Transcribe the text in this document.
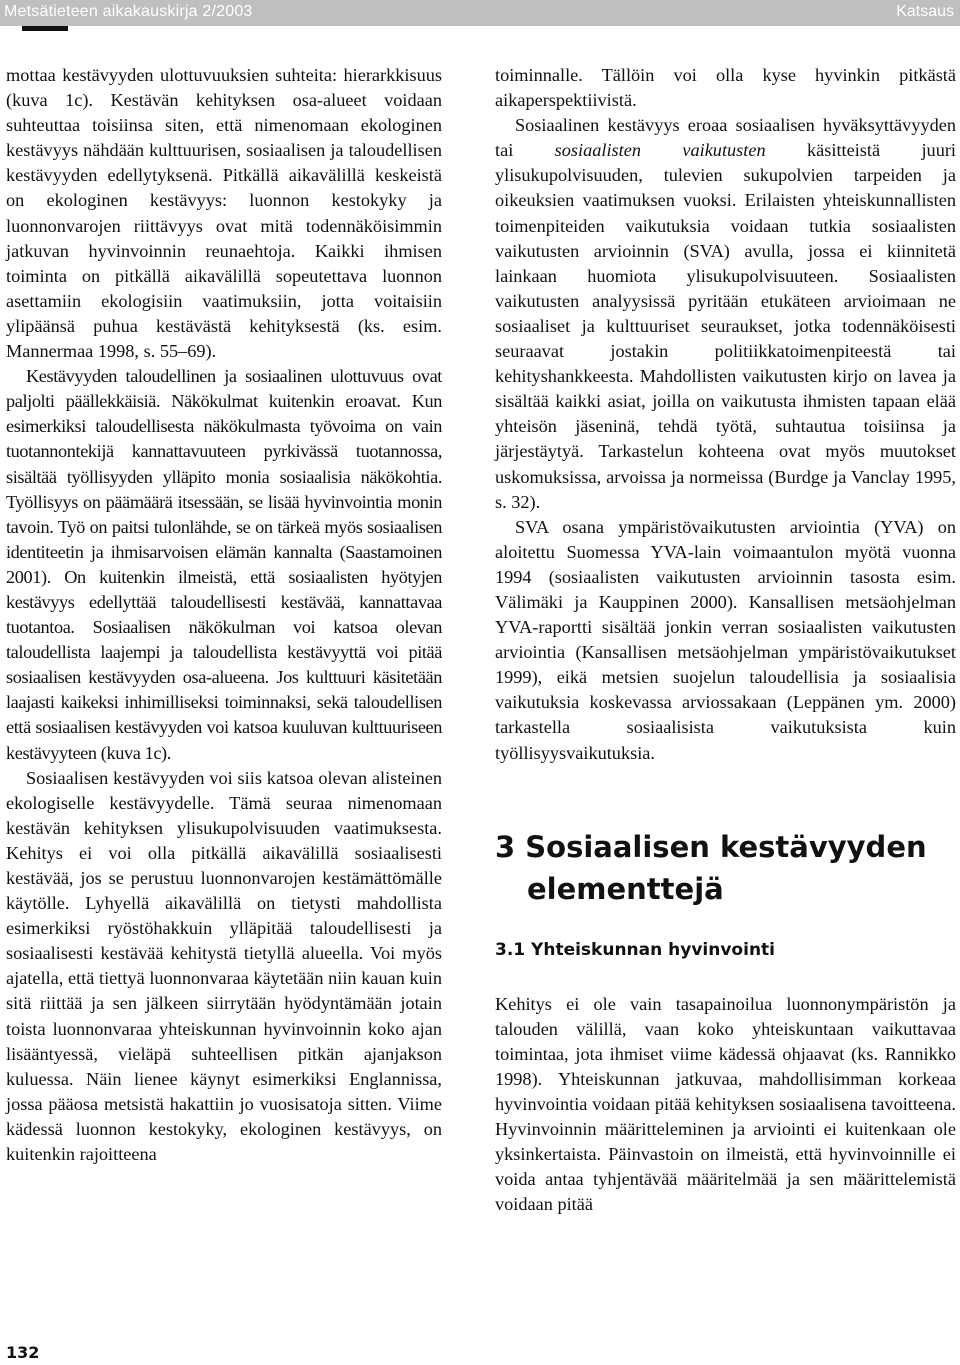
Metsätieteen aikakauskirja 2/2003	Katsaus

mottaa kestävyyden ulottuvuuksien suhteita: hierarkkisuus (kuva 1c). Kestävän kehityksen osa-alueet voidaan suhteuttaa toisiinsa siten, että nimenomaan ekologinen kestävyys nähdään kulttuurisen, sosiaalisen ja taloudellisen kestävyyden edellytyksenä. Pitkällä aikavälillä keskeistä on ekologinen kestävyys: luonnon kestokyky ja luonnonvarojen riittävyys ovat mitä todennäköisimmin jatkuvan hyvinvoinnin reunaehtoja. Kaikki ihmisen toiminta on pitkällä aikavälillä sopeutettava luonnon asettamiin ekologisiin vaatimuksiin, jotta voitaisiin ylipäänsä puhua kestävästä kehityksestä (ks. esim. Mannermaa 1998, s. 55–69).

Kestävyyden taloudellinen ja sosiaalinen ulottuvuus ovat paljolti päällekkäisiä. Näkökulmat kuitenkin eroavat. Kun esimerkiksi taloudellisesta näkökulmasta työvoima on vain tuotannontekijä kannattavuuteen pyrkivässä tuotannossa, sisältää työllisyyden ylläpito monia sosiaalisia näkökohtia. Työllisyys on päämäärä itsessään, se lisää hyvinvointia monin tavoin. Työ on paitsi tulonlähde, se on tärkeä myös sosiaalisen identiteetin ja ihmisarvoisen elämän kannalta (Saastamoinen 2001). On kuitenkin ilmeistä, että sosiaalisten hyötyjen kestävyys edellyttää taloudellisesti kestävää, kannattavaa tuotantoa. Sosiaalisen näkökulman voi katsoa olevan taloudellista laajempi ja taloudellista kestävyyttä voi pitää sosiaalisen kestävyyden osa-alueena. Jos kulttuuri käsitetään laajasti kaikeksi inhimilliseksi toiminnaksi, sekä taloudellisen että sosiaalisen kestävyyden voi katsoa kuuluvan kulttuuriseen kestävyyteen (kuva 1c).

Sosiaalisen kestävyyden voi siis katsoa olevan alisteinen ekologiselle kestävyydelle. Tämä seuraa nimenomaan kestävän kehityksen ylisukupolvisuuden vaatimuksesta. Kehitys ei voi olla pitkällä aikavälillä sosiaalisesti kestävää, jos se perustuu luonnonvarojen kestämättömälle käytölle. Lyhyellä aikavälillä on tietysti mahdollista esimerkiksi ryöstöhakkuin ylläpitää taloudellisesti ja sosiaalisesti kestävää kehitystä tietyllä alueella. Voi myös ajatella, että tiettyä luonnonvaraa käytetään niin kauan kuin sitä riittää ja sen jälkeen siirrytään hyödyntämään jotain toista luonnonvaraa yhteiskunnan hyvinvoinnin koko ajan lisääntyessä, vieläpä suhteellisen pitkän ajanjakson kuluessa. Näin lienee käynyt esimerkiksi Englannissa, jossa pääosa metsistä hakattiin jo vuosisatoja sitten. Viime kädessä luonnon kestokyky, ekologinen kestävyys, on kuitenkin rajoitteena

toiminnalle. Tällöin voi olla kyse hyvinkin pitkästä aikaperspektiivistä.

Sosiaalinen kestävyys eroaa sosiaalisen hyväksyttävyyden tai sosiaalisten vaikutusten käsitteistä juuri ylisukupolvisuuden, tulevien sukupolvien tarpeiden ja oikeuksien vaatimuksen vuoksi. Erilaisten yhteiskunnallisten toimenpiteiden vaikutuksia voidaan tutkia sosiaalisten vaikutusten arvioinnin (SVA) avulla, jossa ei kiinnitetä lainkaan huomiota ylisukupolvisuuteen. Sosiaalisten vaikutusten analyysissä pyritään etukäteen arvioimaan ne sosiaaliset ja kulttuuriset seuraukset, jotka todennäköisesti seuraavat jostakin politiikkatoimenpiteestä tai kehityshankkeesta. Mahdollisten vaikutusten kirjo on lavea ja sisältää kaikki asiat, joilla on vaikutusta ihmisten tapaan elää yhteisön jäseninä, tehdä työtä, suhtautua toisiinsa ja järjestäytyä. Tarkastelun kohteena ovat myös muutokset uskomuksissa, arvoissa ja normeissa (Burdge ja Vanclay 1995, s. 32).

SVA osana ympäristövaikutusten arviointia (YVA) on aloitettu Suomessa YVA-lain voimaantulon myötä vuonna 1994 (sosiaalisten vaikutusten arvioinnin tasosta esim. Välimäki ja Kauppinen 2000). Kansallisen metsäohjelman YVA-raportti sisältää jonkin verran sosiaalisten vaikutusten arviointia (Kansallisen metsäohjelman ympäristövaikutukset 1999), eikä metsien suojelun taloudellisia ja sosiaalisia vaikutuksia koskevassa arviossakaan (Leppänen ym. 2000) tarkastella sosiaalisista vaikutuksista kuin työllisyysvaikutuksia.

3 Sosiaalisen kestävyyden elementtejä
3.1 Yhteiskunnan hyvinvointi

Kehitys ei ole vain tasapainoilua luonnonympäristön ja talouden välillä, vaan koko yhteiskuntaan vaikuttavaa toimintaa, jota ihmiset viime kädessä ohjaavat (ks. Rannikko 1998). Yhteiskunnan jatkuvaa, mahdollisimman korkeaa hyvinvointia voidaan pitää kehityksen sosiaalisena tavoitteena. Hyvinvoinnin määritteleminen ja arviointi ei kuitenkaan ole yksinkertaista. Päinvastoin on ilmeistä, että hyvinvoinnille ei voida antaa tyhjentävää määritelmää ja sen määrittelemistä voidaan pitää

132
